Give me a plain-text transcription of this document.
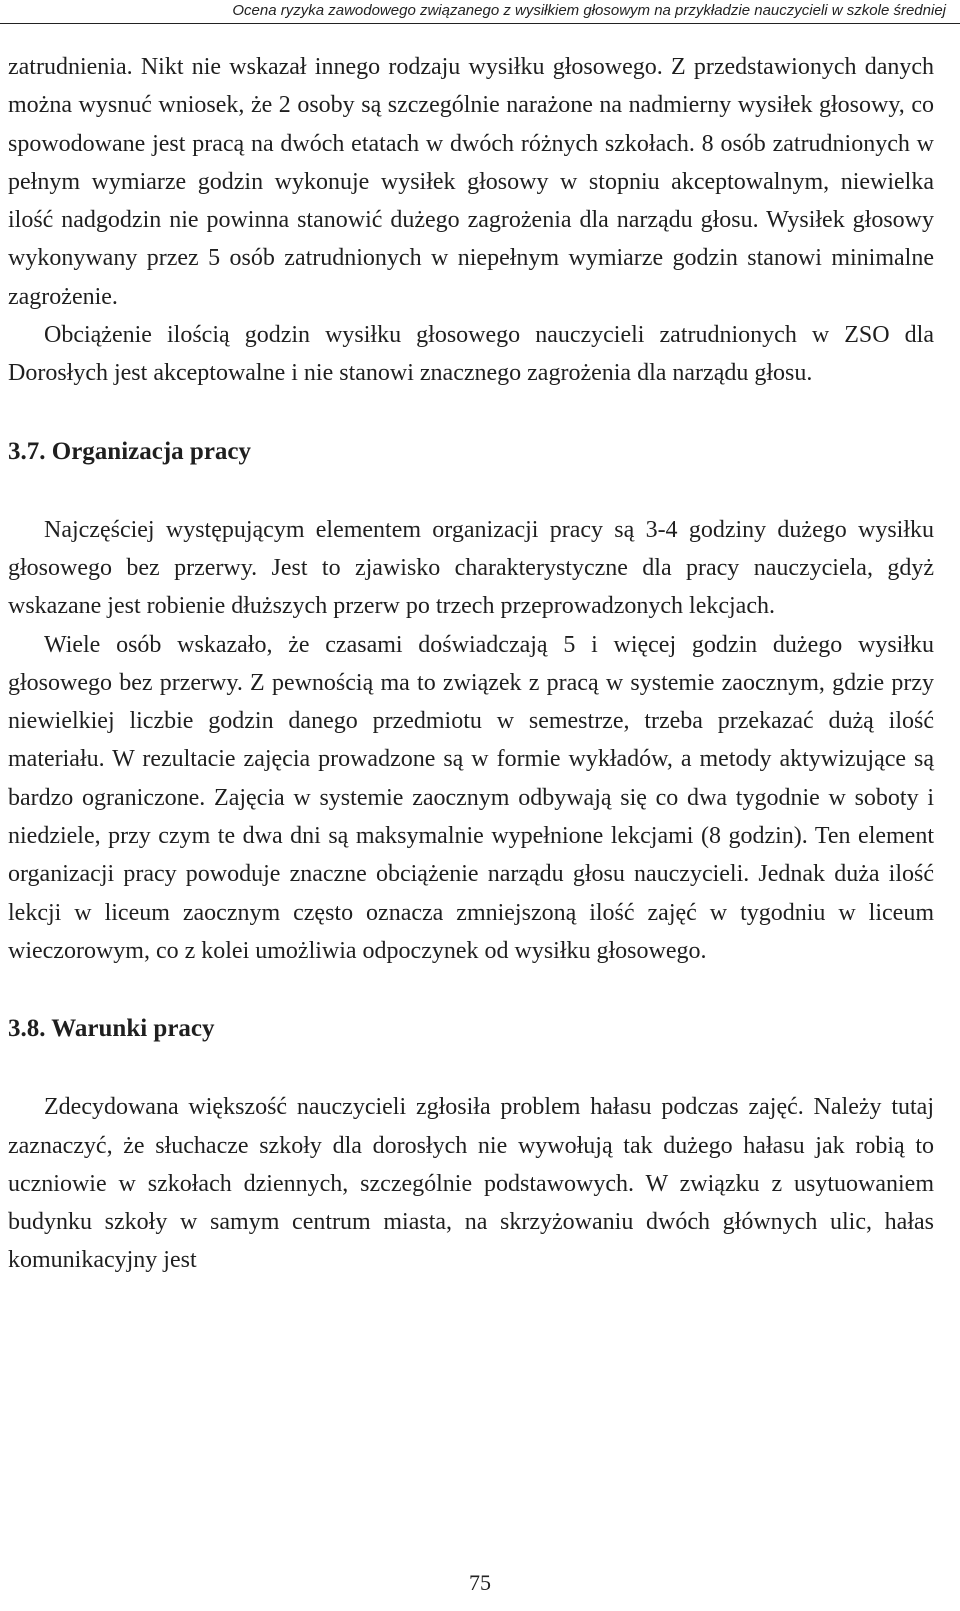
Ocena ryzyka zawodowego związanego z wysiłkiem głosowym na przykładzie nauczycieli w szkole średniej

zatrudnienia. Nikt nie wskazał innego rodzaju wysiłku głosowego. Z przedstawionych danych można wysnuć wniosek, że 2 osoby są szczególnie narażone na nadmierny wysiłek głosowy, co spowodowane jest pracą na dwóch etatach w dwóch różnych szkołach. 8 osób zatrudnionych w pełnym wymiarze godzin wykonuje wysiłek głosowy w stopniu akceptowalnym, niewielka ilość nadgodzin nie powinna stanowić dużego zagrożenia dla narządu głosu. Wysiłek głosowy wykonywany przez 5 osób zatrudnionych w niepełnym wymiarze godzin stanowi minimalne zagrożenie.

Obciążenie ilością godzin wysiłku głosowego nauczycieli zatrudnionych w ZSO dla Dorosłych jest akceptowalne i nie stanowi znacznego zagrożenia dla narządu głosu.

3.7. Organizacja pracy

Najczęściej występującym elementem organizacji pracy są 3-4 godziny dużego wysiłku głosowego bez przerwy. Jest to zjawisko charakterystyczne dla pracy nauczyciela, gdyż wskazane jest robienie dłuższych przerw po trzech przeprowadzonych lekcjach.

Wiele osób wskazało, że czasami doświadczają 5 i więcej godzin dużego wysiłku głosowego bez przerwy. Z pewnością ma to związek z pracą w systemie zaocznym, gdzie przy niewielkiej liczbie godzin danego przedmiotu w semestrze, trzeba przekazać dużą ilość materiału. W rezultacie zajęcia prowadzone są w formie wykładów, a metody aktywizujące są bardzo ograniczone. Zajęcia w systemie zaocznym odbywają się co dwa tygodnie w soboty i niedziele, przy czym te dwa dni są maksymalnie wypełnione lekcjami (8 godzin). Ten element organizacji pracy powoduje znaczne obciążenie narządu głosu nauczycieli. Jednak duża ilość lekcji w liceum zaocznym często oznacza zmniejszoną ilość zajęć w tygodniu w liceum wieczorowym, co z kolei umożliwia odpoczynek od wysiłku głosowego.

3.8. Warunki pracy

Zdecydowana większość nauczycieli zgłosiła problem hałasu podczas zajęć. Należy tutaj zaznaczyć, że słuchacze szkoły dla dorosłych nie wywołują tak dużego hałasu jak robią to uczniowie w szkołach dziennych, szczególnie podstawowych. W związku z usytuowaniem budynku szkoły w samym centrum miasta, na skrzyżowaniu dwóch głównych ulic, hałas komunikacyjny jest

75
